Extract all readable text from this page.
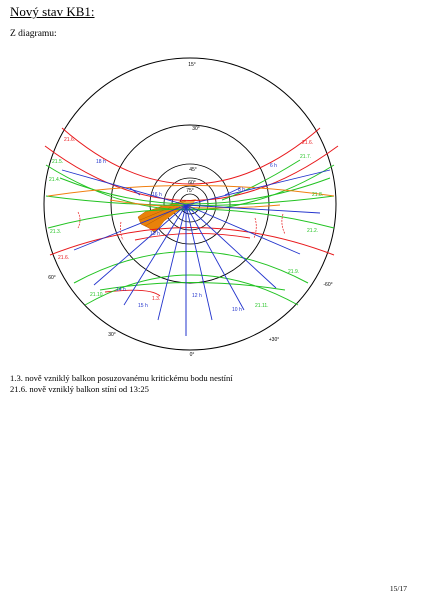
Nový stav KB1:
Z diagramu:
15°
30°
45°
60°
75°
0°
30°
60°
+30°
-60°
21.6.	21.6.
21.5.
21.4.
21.3.	21.2.
1.3.
21.6.
21.7.
21.8.
21.9.
21.10.
21.11.
18 h
6 h
16 h
8 h
15 h
12 h
10 h
14 h
13 h
1.3. nově vzniklý balkon posuzovanému kritickému bodu nestíní
21.6. nově vzniklý balkon stíní od 13:25
15/17
